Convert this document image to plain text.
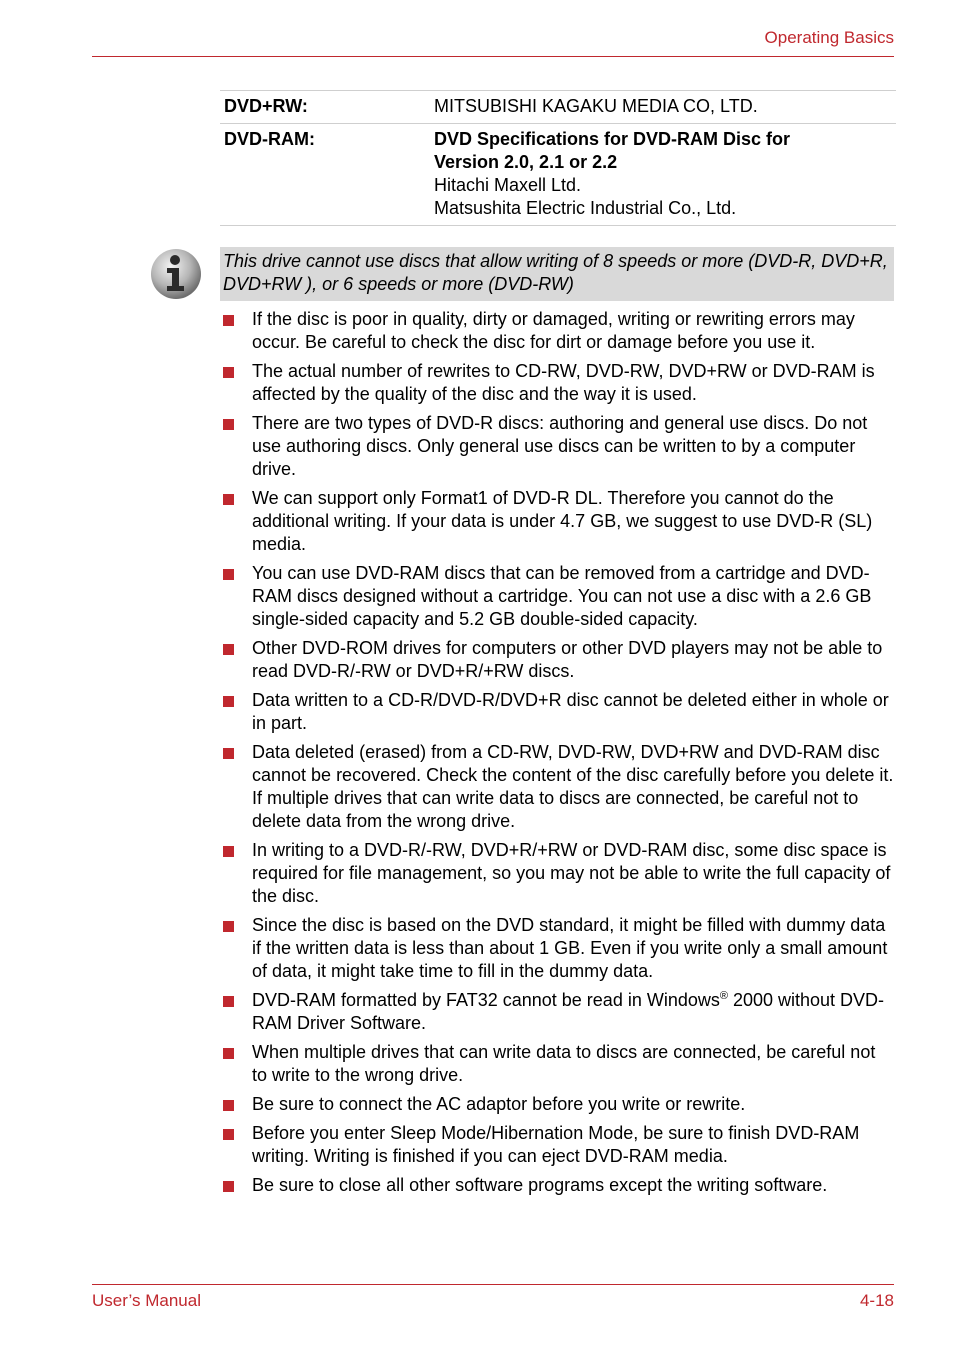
Operating Basics
DVD+RW:	MITSUBISHI KAGAKU MEDIA CO, LTD.
DVD-RAM:	DVD Specifications for DVD-RAM Disc for
Version 2.0, 2.1 or 2.2
Hitachi Maxell Ltd.
Matsushita Electric Industrial Co., Ltd.
This drive cannot use discs that allow writing of 8 speeds or more (DVD-R, DVD+R, DVD+RW ), or 6 speeds or more (DVD-RW)
If the disc is poor in quality, dirty or damaged, writing or rewriting errors may occur. Be careful to check the disc for dirt or damage before you use it.
The actual number of rewrites to CD-RW, DVD-RW, DVD+RW or DVD-RAM is affected by the quality of the disc and the way it is used.
There are two types of DVD-R discs: authoring and general use discs. Do not use authoring discs. Only general use discs can be written to by a computer drive.
We can support only Format1 of DVD-R DL. Therefore you cannot do the additional writing. If your data is under 4.7 GB, we suggest to use DVD-R (SL) media.
You can use DVD-RAM discs that can be removed from a cartridge and DVD-RAM discs designed without a cartridge. You can not use a disc with a 2.6 GB single-sided capacity and 5.2 GB double-sided capacity.
Other DVD-ROM drives for computers or other DVD players may not be able to read DVD-R/-RW or DVD+R/+RW discs.
Data written to a CD-R/DVD-R/DVD+R disc cannot be deleted either in whole or in part.
Data deleted (erased) from a CD-RW, DVD-RW, DVD+RW and DVD-RAM disc cannot be recovered. Check the content of the disc carefully before you delete it. If multiple drives that can write data to discs are connected, be careful not to delete data from the wrong drive.
In writing to a DVD-R/-RW, DVD+R/+RW or DVD-RAM disc, some disc space is required for file management, so you may not be able to write the full capacity of the disc.
Since the disc is based on the DVD standard, it might be filled with dummy data if the written data is less than about 1 GB. Even if you write only a small amount of data, it might take time to fill in the dummy data.
DVD-RAM formatted by FAT32 cannot be read in Windows® 2000 without DVD-RAM Driver Software.
When multiple drives that can write data to discs are connected, be careful not to write to the wrong drive.
Be sure to connect the AC adaptor before you write or rewrite.
Before you enter Sleep Mode/Hibernation Mode, be sure to finish DVD-RAM writing. Writing is finished if you can eject DVD-RAM media.
Be sure to close all other software programs except the writing software.
User’s Manual	4-18
